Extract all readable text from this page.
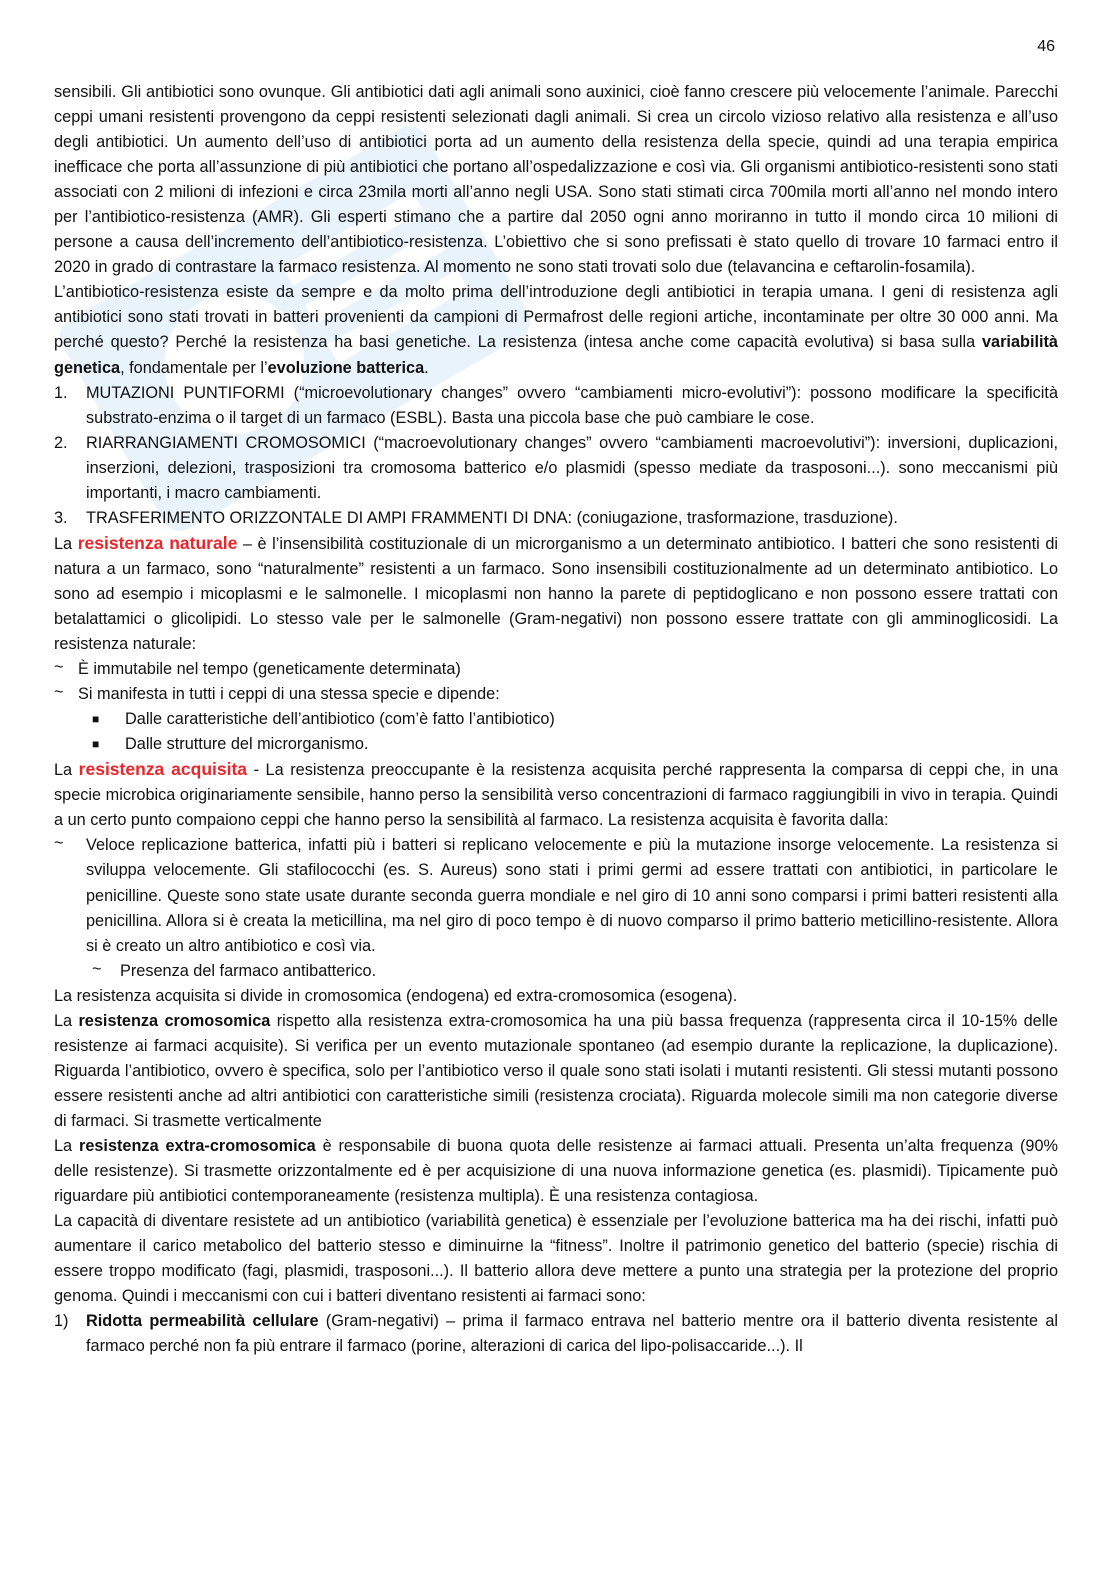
46

sensibili. Gli antibiotici sono ovunque. Gli antibiotici dati agli animali sono auxinici, cioè fanno crescere più velocemente l’animale. Parecchi ceppi umani resistenti provengono da ceppi resistenti selezionati dagli animali. Si crea un circolo vizioso relativo alla resistenza e all’uso degli antibiotici. Un aumento dell’uso di antibiotici porta ad un aumento della resistenza della specie, quindi ad una terapia empirica inefficace che porta all’assunzione di più antibiotici che portano all’ospedalizzazione e così via. Gli organismi antibiotico-resistenti sono stati associati con 2 milioni di infezioni e circa 23mila morti all’anno negli USA. Sono stati stimati circa 700mila morti all’anno nel mondo intero per l’antibiotico-resistenza (AMR). Gli esperti stimano che a partire dal 2050 ogni anno moriranno in tutto il mondo circa 10 milioni di persone a causa dell’incremento dell’antibiotico-resistenza. L’obiettivo che si sono prefissati è stato quello di trovare 10 farmaci entro il 2020 in grado di contrastare la farmaco resistenza. Al momento ne sono stati trovati solo due (telavancina e ceftarolin-fosamila).

L’antibiotico-resistenza esiste da sempre e da molto prima dell’introduzione degli antibiotici in terapia umana. I geni di resistenza agli antibiotici sono stati trovati in batteri provenienti da campioni di Permafrost delle regioni artiche, incontaminate per oltre 30 000 anni. Ma perché questo? Perché la resistenza ha basi genetiche. La resistenza (intesa anche come capacità evolutiva) si basa sulla variabilità genetica, fondamentale per l’evoluzione batterica.

1. MUTAZIONI PUNTIFORMI (“microevolutionary changes” ovvero “cambiamenti micro-evolutivi”): possono modificare la specificità substrato-enzima o il target di un farmaco (ESBL). Basta una piccola base che può cambiare le cose.
2. RIARRANGIAMENTI CROMOSOMICI (“macroevolutionary changes” ovvero “cambiamenti macroevolutivi”): inversioni, duplicazioni, inserzioni, delezioni, trasposizioni tra cromosoma batterico e/o plasmidi (spesso mediate da trasposoni...). sono meccanismi più importanti, i macro cambiamenti.
3. TRASFERIMENTO ORIZZONTALE DI AMPI FRAMMENTI DI DNA: (coniugazione, trasformazione, trasduzione).

La resistenza naturale – è l’insensibilità costituzionale di un microrganismo a un determinato antibiotico. I batteri che sono resistenti di natura a un farmaco, sono “naturalmente” resistenti a un farmaco. Sono insensibili costituzionalmente ad un determinato antibiotico. Lo sono ad esempio i micoplasmi e le salmonelle. I micoplasmi non hanno la parete di peptidoglicano e non possono essere trattati con betalattamici o glicolipidi. Lo stesso vale per le salmonelle (Gram-negativi) non possono essere trattate con gli amminoglicosidi. La resistenza naturale:

~ È immutabile nel tempo (geneticamente determinata)
~ Si manifesta in tutti i ceppi di una stessa specie e dipende:
■ Dalle caratteristiche dell’antibiotico (com’è fatto l’antibiotico)
■ Dalle strutture del microrganismo.

La resistenza acquisita - La resistenza preoccupante è la resistenza acquisita perché rappresenta la comparsa di ceppi che, in una specie microbica originariamente sensibile, hanno perso la sensibilità verso concentrazioni di farmaco raggiungibili in vivo in terapia. Quindi a un certo punto compaiono ceppi che hanno perso la sensibilità al farmaco. La resistenza acquisita è favorita dalla:

~ Veloce replicazione batterica, infatti più i batteri si replicano velocemente e più la mutazione insorge velocemente. La resistenza si sviluppa velocemente. Gli stafilococchi (es. S. Aureus) sono stati i primi germi ad essere trattati con antibiotici, in particolare le penicilline. Queste sono state usate durante seconda guerra mondiale e nel giro di 10 anni sono comparsi i primi batteri resistenti alla penicillina. Allora si è creata la meticillina, ma nel giro di poco tempo è di nuovo comparso il primo batterio meticillino-resistente. Allora si è creato un altro antibiotico e così via.
~ Presenza del farmaco antibatterico.

La resistenza acquisita si divide in cromosomica (endogena) ed extra-cromosomica (esogena).

La resistenza cromosomica rispetto alla resistenza extra-cromosomica ha una più bassa frequenza (rappresenta circa il 10-15% delle resistenze ai farmaci acquisite). Si verifica per un evento mutazionale spontaneo (ad esempio durante la replicazione, la duplicazione). Riguarda l’antibiotico, ovvero è specifica, solo per l’antibiotico verso il quale sono stati isolati i mutanti resistenti. Gli stessi mutanti possono essere resistenti anche ad altri antibiotici con caratteristiche simili (resistenza crociata). Riguarda molecole simili ma non categorie diverse di farmaci. Si trasmette verticalmente

La resistenza extra-cromosomica è responsabile di buona quota delle resistenze ai farmaci attuali. Presenta un’alta frequenza (90% delle resistenze). Si trasmette orizzontalmente ed è per acquisizione di una nuova informazione genetica (es. plasmidi). Tipicamente può riguardare più antibiotici contemporaneamente (resistenza multipla). È una resistenza contagiosa.

La capacità di diventare resistete ad un antibiotico (variabilità genetica) è essenziale per l’evoluzione batterica ma ha dei rischi, infatti può aumentare il carico metabolico del batterio stesso e diminuirne la “fitness”. Inoltre il patrimonio genetico del batterio (specie) rischia di essere troppo modificato (fagi, plasmidi, trasposoni...). Il batterio allora deve mettere a punto una strategia per la protezione del proprio genoma. Quindi i meccanismi con cui i batteri diventano resistenti ai farmaci sono:

1) Ridotta permeabilità cellulare (Gram-negativi) – prima il farmaco entrava nel batterio mentre ora il batterio diventa resistente al farmaco perché non fa più entrare il farmaco (porine, alterazioni di carica del lipo-polisaccaride...). Il
